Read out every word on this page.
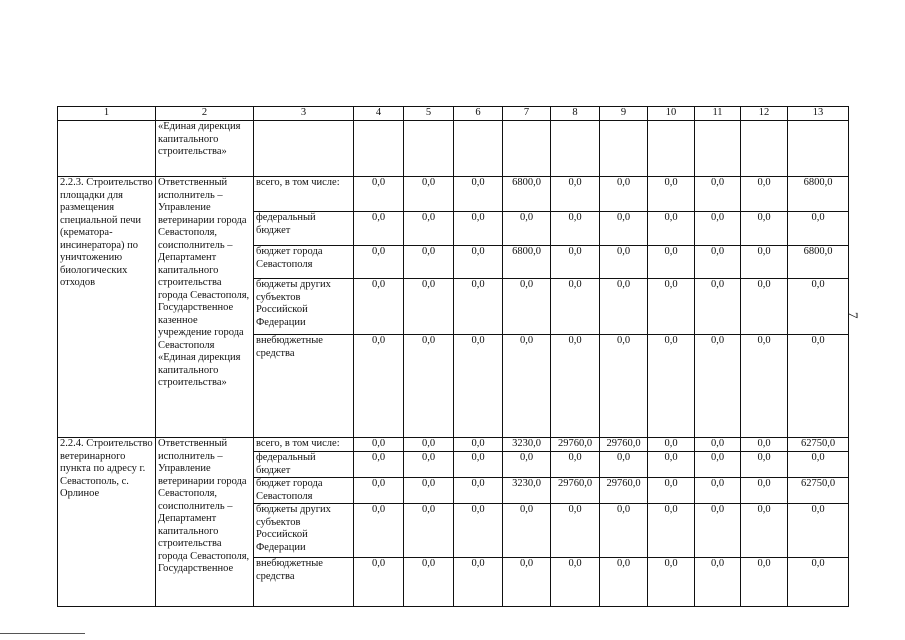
7
1	2	3	4	5	6	7	8	9	10	11	12	13
	«Единая дирекция капитального строительства»											
2.2.3. Строительство площадки для размещения специальной печи (крематора-инсинератора) по уничтожению биологических отходов	Ответственный исполнитель – Управление ветеринарии города Севастополя, соисполнитель – Департамент капитального строительства города Севастополя, Государственное казенное учреждение города Севастополя «Единая дирекция капитального строительства»	всего, в том числе:	0,0	0,0	0,0	6800,0	0,0	0,0	0,0	0,0	0,0	6800,0
		федеральный бюджет	0,0	0,0	0,0	0,0	0,0	0,0	0,0	0,0	0,0	0,0
		бюджет города Севастополя	0,0	0,0	0,0	6800,0	0,0	0,0	0,0	0,0	0,0	6800,0
		бюджеты других субъектов Российской Федерации	0,0	0,0	0,0	0,0	0,0	0,0	0,0	0,0	0,0	0,0
		внебюджетные средства	0,0	0,0	0,0	0,0	0,0	0,0	0,0	0,0	0,0	0,0
2.2.4. Строительство ветеринарного пункта по адресу г. Севастополь, с. Орлиное	Ответственный исполнитель – Управление ветеринарии города Севастополя, соисполнитель – Департамент капитального строительства города Севастополя, Государственное	всего, в том числе:	0,0	0,0	0,0	3230,0	29760,0	29760,0	0,0	0,0	0,0	62750,0
		федеральный бюджет	0,0	0,0	0,0	0,0	0,0	0,0	0,0	0,0	0,0	0,0
		бюджет города Севастополя	0,0	0,0	0,0	3230,0	29760,0	29760,0	0,0	0,0	0,0	62750,0
		бюджеты других субъектов Российской Федерации	0,0	0,0	0,0	0,0	0,0	0,0	0,0	0,0	0,0	0,0
		внебюджетные средства	0,0	0,0	0,0	0,0	0,0	0,0	0,0	0,0	0,0	0,0
